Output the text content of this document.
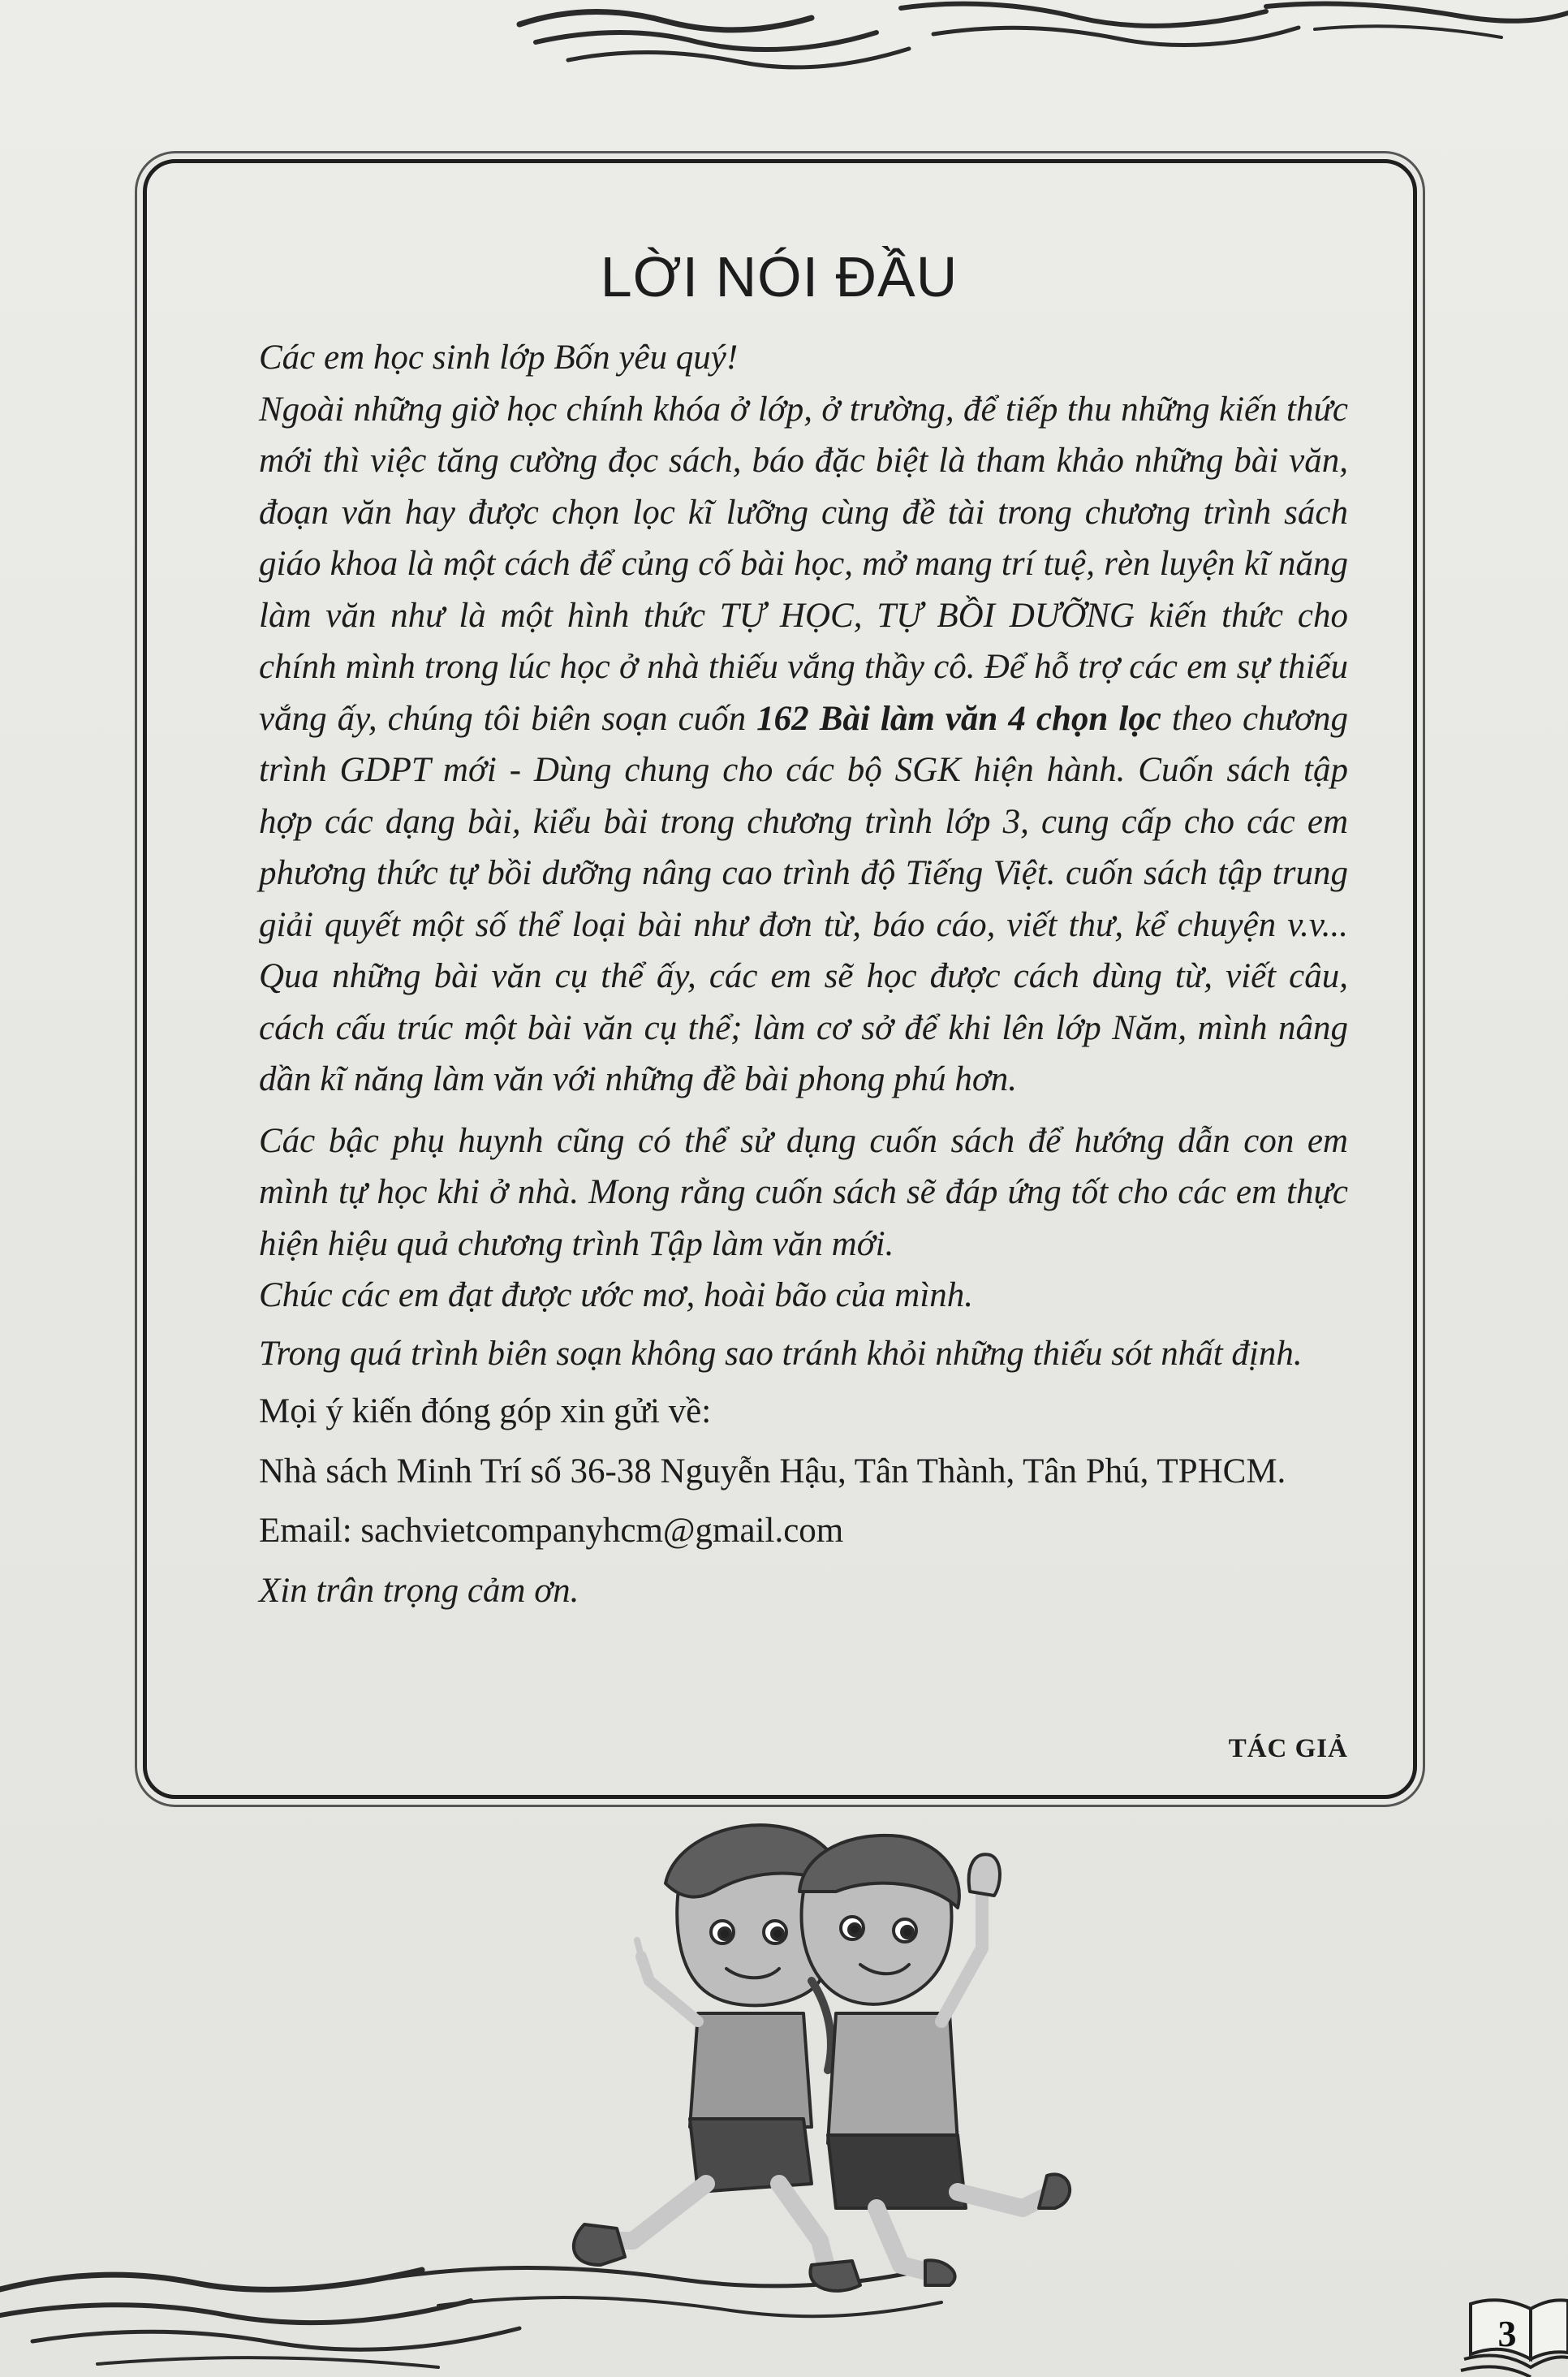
LỜI NÓI ĐẦU

Các em học sinh lớp Bốn yêu quý!

Ngoài những giờ học chính khóa ở lớp, ở trường, để tiếp thu những kiến thức mới thì việc tăng cường đọc sách, báo đặc biệt là tham khảo những bài văn, đoạn văn hay được chọn lọc kĩ lưỡng cùng đề tài trong chương trình sách giáo khoa là một cách để củng cố bài học, mở mang trí tuệ, rèn luyện kĩ năng làm văn như là một hình thức TỰ HỌC, TỰ BỒI DƯỠNG kiến thức cho chính mình trong lúc học ở nhà thiếu vắng thầy cô. Để hỗ trợ các em sự thiếu vắng ấy, chúng tôi biên soạn cuốn 162 Bài làm văn 4 chọn lọc theo chương trình GDPT mới - Dùng chung cho các bộ SGK hiện hành. Cuốn sách tập hợp các dạng bài, kiểu bài trong chương trình lớp 3, cung cấp cho các em phương thức tự bồi dưỡng nâng cao trình độ Tiếng Việt. cuốn sách tập trung giải quyết một số thể loại bài như đơn từ, báo cáo, viết thư, kể chuyện v.v... Qua những bài văn cụ thể ấy, các em sẽ học được cách dùng từ, viết câu, cách cấu trúc một bài văn cụ thể; làm cơ sở để khi lên lớp Năm, mình nâng dần kĩ năng làm văn với những đề bài phong phú hơn.

Các bậc phụ huynh cũng có thể sử dụng cuốn sách để hướng dẫn con em mình tự học khi ở nhà. Mong rằng cuốn sách sẽ đáp ứng tốt cho các em thực hiện hiệu quả chương trình Tập làm văn mới.

Chúc các em đạt được ước mơ, hoài bão của mình.

Trong quá trình biên soạn không sao tránh khỏi những thiếu sót nhất định.

Mọi ý kiến đóng góp xin gửi về:

Nhà sách Minh Trí số 36-38 Nguyễn Hậu, Tân Thành, Tân Phú, TPHCM.

Email: sachvietcompanyhcm@gmail.com

Xin trân trọng cảm ơn.

TÁC GIẢ
3
